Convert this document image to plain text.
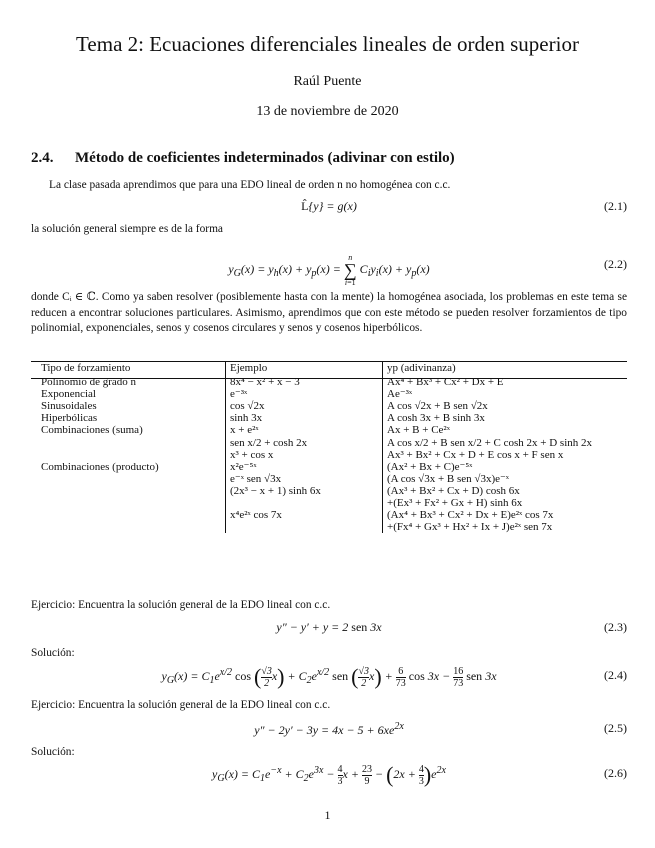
Tema 2: Ecuaciones diferenciales lineales de orden superior
Raúl Puente
13 de noviembre de 2020
2.4. Método de coeficientes indeterminados (adivinar con estilo)
La clase pasada aprendimos que para una EDO lineal de orden n no homogénea con c.c.
L̂{y} = g(x)	(2.1)
la solución general siempre es de la forma
$y_G(x) = y_h(x) + y_p(x)$ =
n
∑
i=1
$C_iy_i(x) + y_p(x)$	(2.2)
donde Cᵢ ∈ ℂ. Como ya saben resolver (posiblemente hasta con la mente) la homogénea asociada, los problemas en este tema se reducen a encontrar soluciones particulares. Asimismo, aprendimos que con este método se pueden resolver forzamientos de tipo polinomial, exponenciales, senos y cosenos circulares y senos y cosenos hiperbólicos.
Tipo de forzamiento	Ejemplo	yp (adivinanza)
Polinomio de grado n	8x⁴ − x² + x − 3	Ax⁴ + Bx³ + Cx² + Dx + E
Exponencial	e⁻³ˣ	Ae⁻³ˣ
Sinusoidales	cos √2x	A cos √2x + B sen √2x
Hiperbólicas	sinh 3x	A cosh 3x + B sinh 3x
Combinaciones (suma)	x + e²ˣ	Ax + B + Ce²ˣ
	sen x/2 + cosh 2x	A cos x/2 + B sen x/2 + C cosh 2x + D sinh 2x
	x³ + cos x	Ax³ + Bx² + Cx + D + E cos x + F sen x
Combinaciones (producto)	x²e⁻⁵ˣ	(Ax² + Bx + C)e⁻⁵ˣ
	e⁻ˣ sen √3x	(A cos √3x + B sen √3x)e⁻ˣ
	(2x³ − x + 1) sinh 6x	(Ax³ + Bx² + Cx + D) cosh 6x
		+(Ex³ + Fx² + Gx + H) sinh 6x
	x⁴e²ˣ cos 7x	(Ax⁴ + Bx³ + Cx² + Dx + E)e²ˣ cos 7x
		+(Fx⁴ + Gx³ + Hx² + Ix + J)e²ˣ sen 7x
Ejercicio: Encuentra la solución general de la EDO lineal con c.c.
y″ − y′ + y = 2 sen 3x	(2.3)
Solución:
$y_G(x) = C_1e^{x/2}$ cos ( $\frac{√3}{2} x) + C_2e^{x/2}$ sen ( $\frac{√3}{2} x) + \frac{6}{73}$ $\cos 3x - \frac{16}{73}$ sen 3x	(2.4)
Ejercicio: Encuentra la solución general de la EDO lineal con c.c.
$y'' - 2y' - 3y = 4x - 5 + 6xe^{2x}$	(2.5)
Solución:
$y_G(x) = C_1e^{-x} + C_2e^{3x} - \frac{4}{3}$ $x + \frac{23}{9} - (2x + \frac{4}{3} )e^{2x}$	(2.6)
1
